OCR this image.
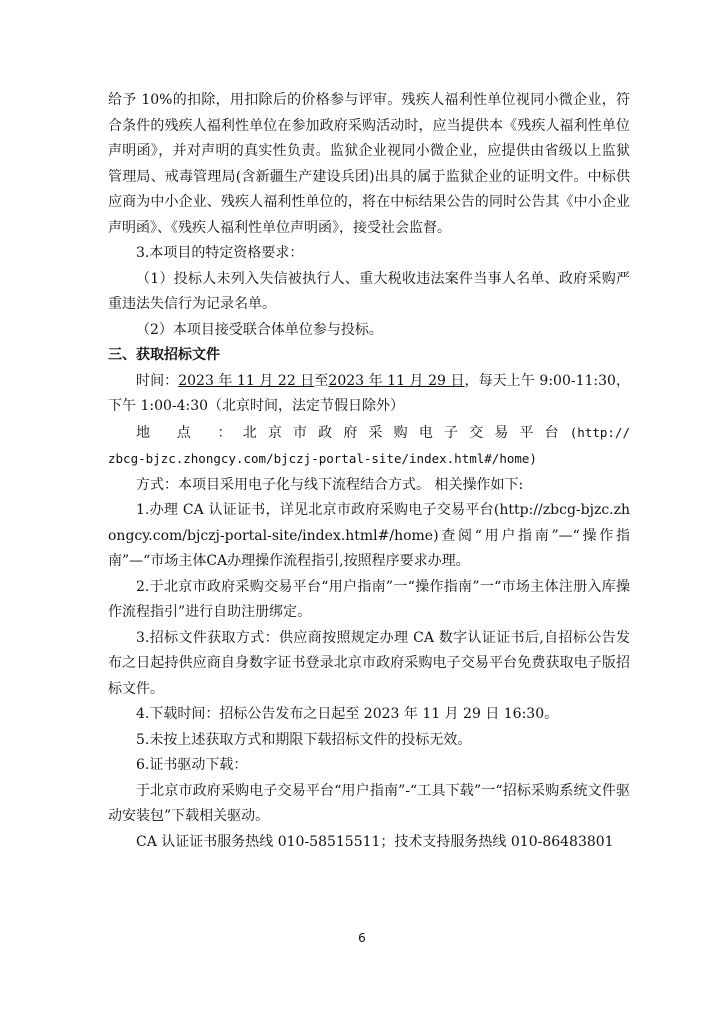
给予 10%的扣除，用扣除后的价格参与评审。残疾人福利性单位视同小微企业，符合条件的残疾人福利性单位在参加政府采购活动时，应当提供本《残疾人福利性单位声明函》，并对声明的真实性负责。监狱企业视同小微企业，应提供由省级以上监狱管理局、戒毒管理局(含新疆生产建设兵团)出具的属于监狱企业的证明文件。中标供应商为中小企业、残疾人福利性单位的，将在中标结果公告的同时公告其《中小企业声明函》、《残疾人福利性单位声明函》，接受社会监督。

3.本项目的特定资格要求：

（1）投标人未列入失信被执行人、重大税收违法案件当事人名单、政府采购严重违法失信行为记录名单。

（2）本项目接受联合体单位参与投标。

三、获取招标文件

时间：2023 年 11 月 22 日至2023 年 11 月 29 日，每天上午 9:00-11:30，下午 1:00-4:30（北京时间，法定节假日除外）

地 点 ：北京市政府采购电子交易平台(http://zbcg-bjzc.zhongcy.com/bjczj-portal-site/index.html#/home)

方式：本项目采用电子化与线下流程结合方式。 相关操作如下:

1.办理 CA 认证证书，详见北京市政府采购电子交易平台(http://zbcg-bjzc.zhongcy.com/bjczj-portal-site/index.html#/home)查阅“用户指南”—“操作指南”—“市场主体CA办理操作流程指引,按照程序要求办理。

2.于北京市政府采购交易平台“用户指南”一“操作指南”一“市场主体注册入库操作流程指引”进行自助注册绑定。

3.招标文件获取方式：供应商按照规定办理 CA 数字认证证书后,自招标公告发布之日起持供应商自身数字证书登录北京市政府采购电子交易平台免费获取电子版招标文件。

4.下载时间：招标公告发布之日起至 2023 年 11 月 29 日 16:30。

5.未按上述获取方式和期限下载招标文件的投标无效。

6.证书驱动下载：

于北京市政府采购电子交易平台“用户指南”-“工具下载”一“招标采购系统文件驱动安装包”下载相关驱动。

CA 认证证书服务热线 010-58515511；技术支持服务热线 010-86483801

6
